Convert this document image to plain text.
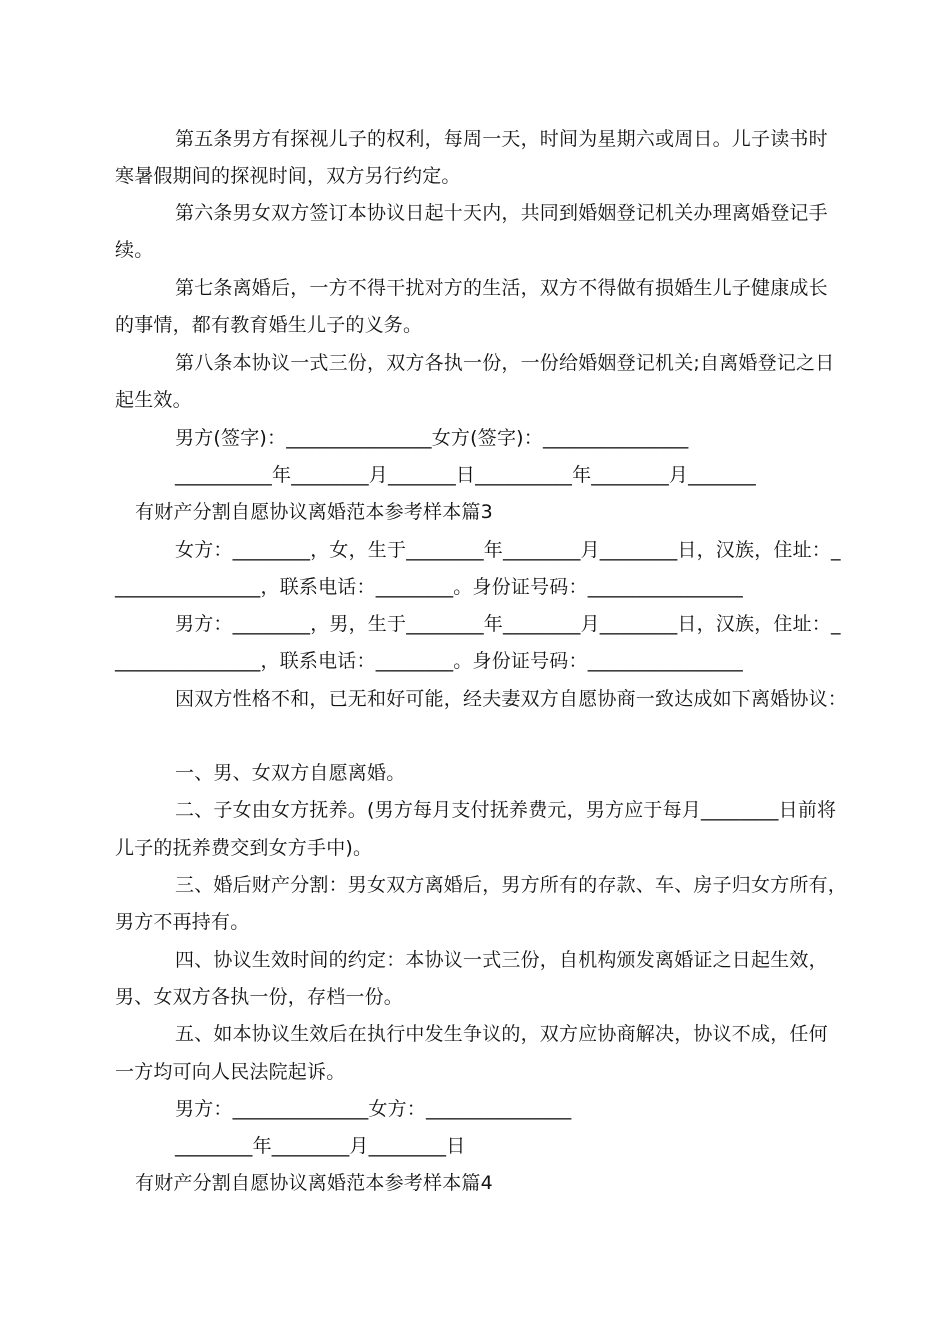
第五条男方有探视儿子的权利，每周一天，时间为星期六或周日。儿子读书时
寒暑假期间的探视时间，双方另行约定。
第六条男女双方签订本协议日起十天内，共同到婚姻登记机关办理离婚登记手
续。
第七条离婚后，一方不得干扰对方的生活，双方不得做有损婚生儿子健康成长
的事情，都有教育婚生儿子的义务。
第八条本协议一式三份，双方各执一份，一份给婚姻登记机关;自离婚登记之日
起生效。
男方(签字)：_______________女方(签字)：_______________
__________年________月_______日__________年________月_______
有财产分割自愿协议离婚范本参考样本篇3
女方：________，女，生于________年________月________日，汉族，住址：_
_______________，联系电话：________。身份证号码：________________
男方：________，男，生于________年________月________日，汉族，住址：_
_______________，联系电话：________。身份证号码：________________
因双方性格不和，已无和好可能，经夫妻双方自愿协商一致达成如下离婚协议：
一、男、女双方自愿离婚。
二、子女由女方抚养。(男方每月支付抚养费元，男方应于每月________日前将
儿子的抚养费交到女方手中)。
三、婚后财产分割：男女双方离婚后，男方所有的存款、车、房子归女方所有，
男方不再持有。
四、协议生效时间的约定：本协议一式三份，自机构颁发离婚证之日起生效，
男、女双方各执一份，存档一份。
五、如本协议生效后在执行中发生争议的，双方应协商解决，协议不成，任何
一方均可向人民法院起诉。
男方：______________女方：_______________
________年________月________日
有财产分割自愿协议离婚范本参考样本篇4
